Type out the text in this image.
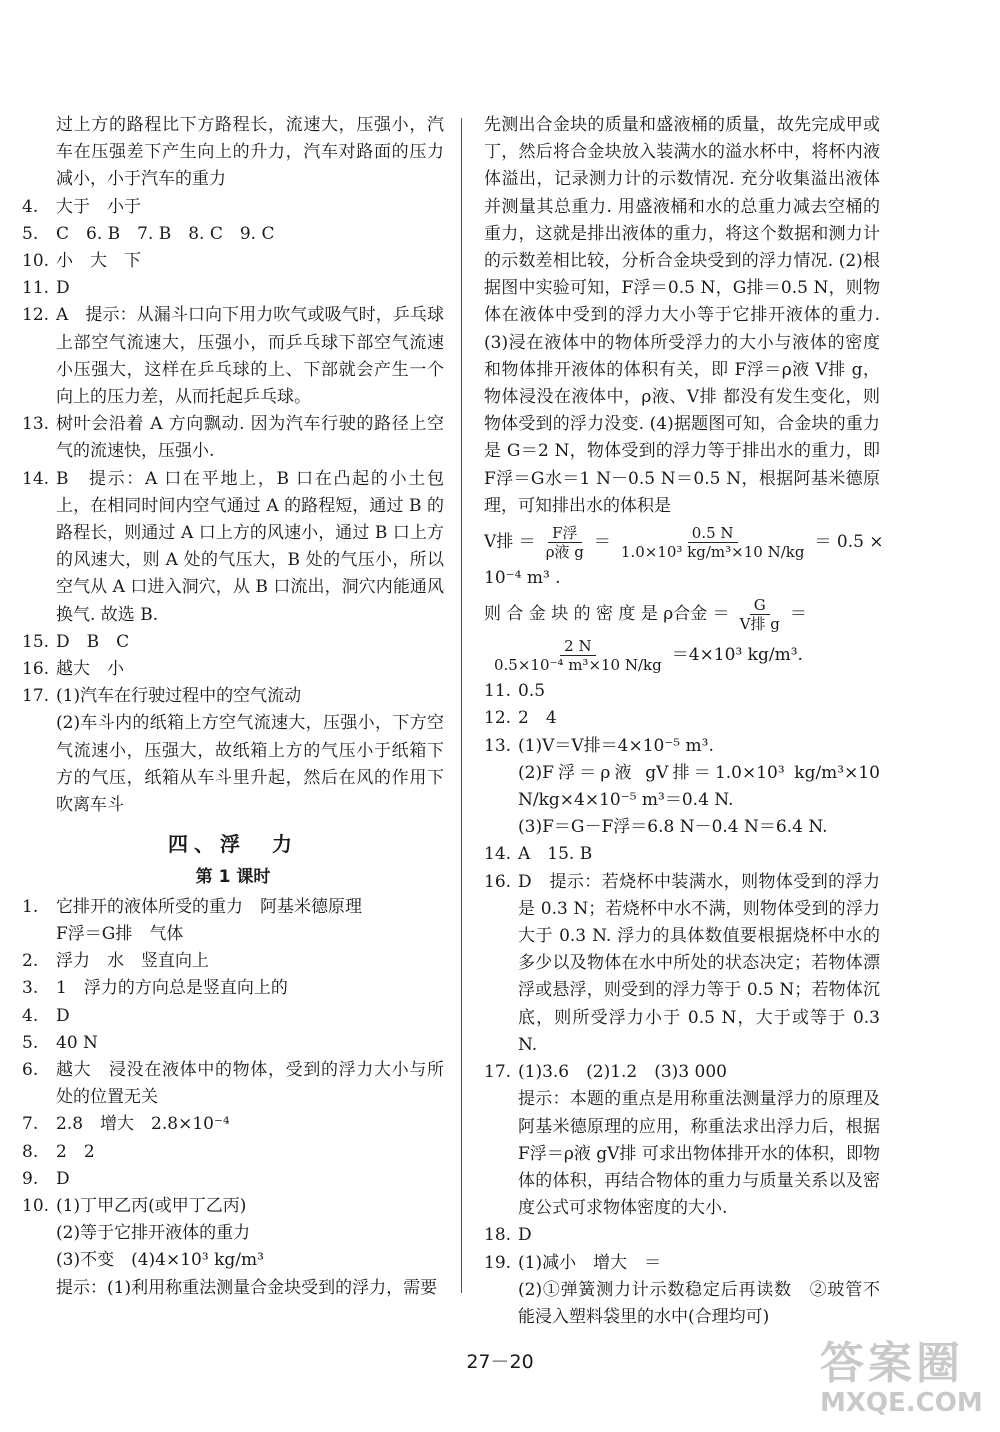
过上方的路程比下方路程长，流速大，压强小，汽车在压强差下产生向上的升力，汽车对路面的压力减小，小于汽车的重力
4.	大于　小于
5.	C　6. B　7. B　8. C　9. C
10. 小　大　下
11. D
12. A　提示：从漏斗口向下用力吹气或吸气时，乒乓球上部空气流速大，压强小，而乒乓球下部空气流速小压强大，这样在乒乓球的上、下部就会产生一个向上的压力差，从而托起乒乓球。
13. 树叶会沿着 A 方向飘动. 因为汽车行驶的路径上空气的流速快，压强小.
14. B　提示：A 口在平地上，B 口在凸起的小土包上，在相同时间内空气通过 A 的路程短，通过 B 的路程长，则通过 A 口上方的风速小，通过 B 口上方的风速大，则 A 处的气压大，B 处的气压小，所以空气从 A 口进入洞穴，从 B 口流出，洞穴内能通风换气. 故选 B.
15. D　B　C
16. 越大　小
17. (1)汽车在行驶过程中的空气流动
(2)车斗内的纸箱上方空气流速大，压强小，下方空气流速小，压强大，故纸箱上方的气压小于纸箱下方的气压，纸箱从车斗里升起，然后在风的作用下吹离车斗
四、浮　力
第 1 课时
1.	它排开的液体所受的重力　阿基米德原理
F浮＝G排　气体
2.	浮力　水　竖直向上
3.	1　浮力的方向总是竖直向上的
4.	D
5.	40 N
6.	越大　浸没在液体中的物体，受到的浮力大小与所处的位置无关
7.	2.8　增大　2.8×10⁻⁴
8.	2　2
9.	D
10. (1)丁甲乙丙(或甲丁乙丙)
(2)等于它排开液体的重力
(3)不变　(4)4×10³ kg/m³
提示：(1)利用称重法测量合金块受到的浮力，需要
先测出合金块的质量和盛液桶的质量，故先完成甲或丁，然后将合金块放入装满水的溢水杯中，将杯内液体溢出，记录测力计的示数情况. 充分收集溢出液体并测量其总重力. 用盛液桶和水的总重力减去空桶的重力，这就是排出液体的重力，将这个数据和测力计的示数差相比较，分析合金块受到的浮力情况. (2)根据图中实验可知，F浮＝0.5 N，G排＝0.5 N，则物体在液体中受到的浮力大小等于它排开液体的重力. (3)浸在液体中的物体所受浮力的大小与液体的密度和物体排开液体的体积有关，即 F浮＝ρ液 V排 g，物体浸没在液体中，ρ液、V排 都没有发生变化，则物体受到的浮力没变. (4)据题图可知，合金块的重力是 G＝2 N，物体受到的浮力等于排出水的重力，即 F浮＝G水＝1 N－0.5 N＝0.5 N，根据阿基米德原理，可知排出水的体积是
V排 ＝ $\frac{\text{F浮}}{\text{ρ液 g}} = \frac{0.5 N}{\text{1.0×10³ kg/m³×10 N/kg}} = 0.5$ ×
10⁻⁴ m³ .
则 合 金 块 的 密 度 是 ρ合金 ＝ $\frac{G}{\text{V排 g}}$ ＝
$\frac{2 N}{\text{0.5×10⁻⁴ m³×10 N/kg}} =4\times 10^3$ kg/m³.
11. 0.5
12. 2　4
13. (1)V＝V排＝4×10⁻⁵ m³.
(2)F浮＝ρ液 gV排＝1.0×10³ kg/m³×10 N/kg×4×10⁻⁵ m³＝0.4 N.
(3)F＝G－F浮＝6.8 N－0.4 N＝6.4 N.
14. A　15. B
16. D　提示：若烧杯中装满水，则物体受到的浮力是 0.3 N；若烧杯中水不满，则物体受到的浮力大于 0.3 N. 浮力的具体数值要根据烧杯中水的多少以及物体在水中所处的状态决定；若物体漂浮或悬浮，则受到的浮力等于 0.5 N；若物体沉底，则所受浮力小于 0.5 N，大于或等于 0.3 N.
17. (1)3.6　(2)1.2　(3)3 000
提示：本题的重点是用称重法测量浮力的原理及阿基米德原理的应用，称重法求出浮力后，根据 F浮＝ρ液 gV排 可求出物体排开水的体积，即物体的体积，再结合物体的重力与质量关系以及密度公式可求物体密度的大小.
18. D
19. (1)减小　增大　＝
(2)①弹簧测力计示数稳定后再读数　②玻管不能浸入塑料袋里的水中(合理均可)
27－20	答案圈
MXQE.COM
